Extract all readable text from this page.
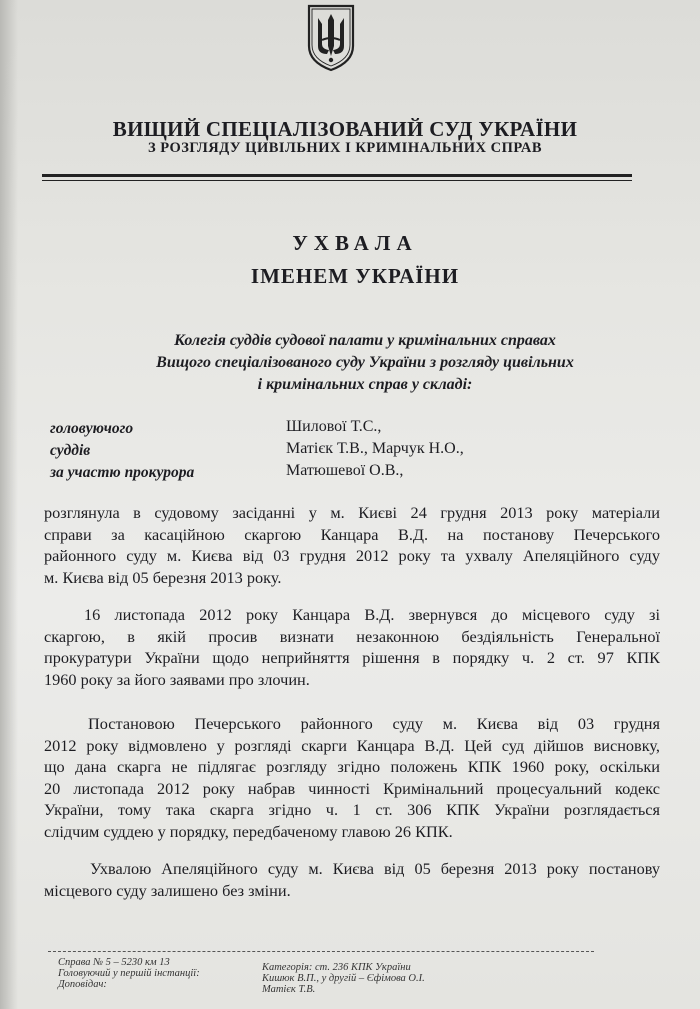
ВИЩИЙ СПЕЦІАЛІЗОВАНИЙ СУД УКРАЇНИ
З РОЗГЛЯДУ ЦИВІЛЬНИХ І КРИМІНАЛЬНИХ СПРАВ
УХВАЛА
ІМЕНЕМ УКРАЇНИ
Колегія суддів судової палати у кримінальних справах
Вищого спеціалізованого суду України з розгляду цивільних
і кримінальних справ у складі:
головуючого
суддів
за участю прокурора
Шилової Т.С.,
Матієк Т.В., Марчук Н.О.,
Матюшевої О.В.,
розглянула в судовому засіданні у м. Києві 24 грудня 2013 року матеріали
справи за касаційною скаргою Канцара В.Д. на постанову Печерського
районного суду м. Києва від 03 грудня 2012 року та ухвалу Апеляційного суду
м. Києва від 05 березня 2013 року.
16 листопада 2012 року Канцара В.Д. звернувся до місцевого суду зі
скаргою, в якій просив визнати незаконною бездіяльність Генеральної
прокуратури України щодо неприйняття рішення в порядку ч. 2 ст. 97 КПК
1960 року за його заявами про злочин.
Постановою Печерського районного суду м. Києва від 03 грудня
2012 року відмовлено у розгляді скарги Канцара В.Д. Цей суд дійшов висновку,
що дана скарга не підлягає розгляду згідно положень КПК 1960 року, оскільки
20 листопада 2012 року набрав чинності Кримінальний процесуальний кодекс
України, тому така скарга згідно ч. 1 ст. 306 КПК України розглядається
слідчим суддею у порядку, передбаченому главою 26 КПК.
Ухвалою Апеляційного суду м. Києва від 05 березня 2013 року постанову
місцевого суду залишено без зміни.
Справа № 5 – 5230 км 13
Головуючий у першій інстанції:
Доповідач:
Категорія: ст. 236 КПК України
Кишюк В.П., у другій – Єфімова О.І.
Матієк Т.В.
